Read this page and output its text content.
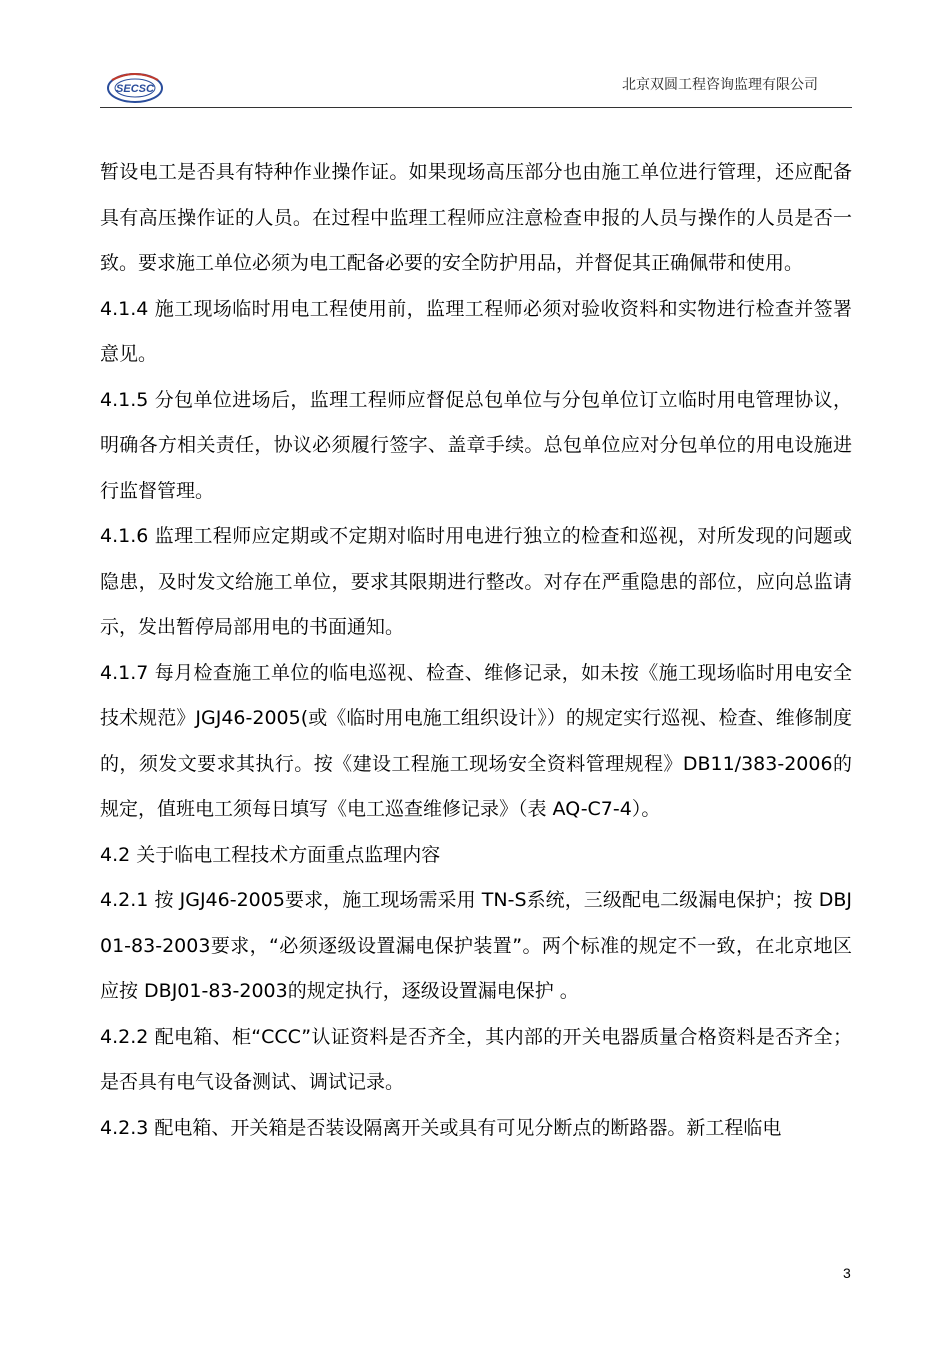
SECSC	北京双圆工程咨询监理有限公司

暂设电工是否具有特种作业操作证。如果现场高压部分也由施工单位进行管理，还应配备具有高压操作证的人员。在过程中监理工程师应注意检查申报的人员与操作的人员是否一致。要求施工单位必须为电工配备必要的安全防护用品，并督促其正确佩带和使用。

4.1.4 施工现场临时用电工程使用前，监理工程师必须对验收资料和实物进行检查并签署意见。

4.1.5 分包单位进场后，监理工程师应督促总包单位与分包单位订立临时用电管理协议，明确各方相关责任，协议必须履行签字、盖章手续。总包单位应对分包单位的用电设施进行监督管理。

4.1.6 监理工程师应定期或不定期对临时用电进行独立的检查和巡视，对所发现的问题或隐患，及时发文给施工单位，要求其限期进行整改。对存在严重隐患的部位，应向总监请示，发出暂停局部用电的书面通知。

4.1.7 每月检查施工单位的临电巡视、检查、维修记录，如未按《施工现场临时用电安全技术规范》JGJ46-2005(或《临时用电施工组织设计》）的规定实行巡视、检查、维修制度的，须发文要求其执行。按《建设工程施工现场安全资料管理规程》DB11/383-2006的规定，值班电工须每日填写《电工巡查维修记录》（表 AQ-C7-4）。

4.2 关于临电工程技术方面重点监理内容

4.2.1 按 JGJ46-2005要求，施工现场需采用 TN-S系统，三级配电二级漏电保护；按 DBJ01-83-2003要求，“必须逐级设置漏电保护装置”。两个标准的规定不一致，在北京地区应按 DBJ01-83-2003的规定执行，逐级设置漏电保护 。

4.2.2 配电箱、柜“CCC”认证资料是否齐全，其内部的开关电器质量合格资料是否齐全；是否具有电气设备测试、调试记录。

4.2.3 配电箱、开关箱是否装设隔离开关或具有可见分断点的断路器。新工程临电

3
